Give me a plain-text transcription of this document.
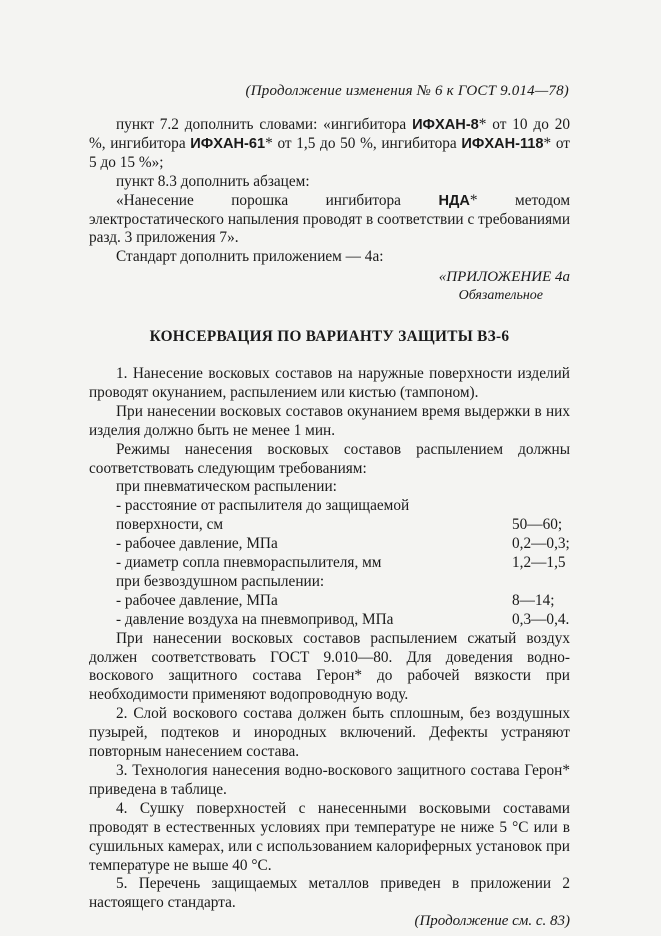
(Продолжение изменения № 6 к ГОСТ 9.014—78)

пункт 7.2 дополнить словами: «ингибитора ИФХАН-8* от 10 до 20 %, ингибитора ИФХАН-61* от 1,5 до 50 %, ингибитора ИФХАН-118* от 5 до 15 %»;

пункт 8.3 дополнить абзацем:

«Нанесение порошка ингибитора НДА* методом электростатического напыления проводят в соответствии с требованиями разд. 3 приложения 7».

Стандарт дополнить приложением — 4а:

«ПРИЛОЖЕНИЕ 4а
Обязательное
КОНСЕРВАЦИЯ ПО ВАРИАНТУ ЗАЩИТЫ ВЗ-6

1. Нанесение восковых составов на наружные поверхности изделий проводят окунанием, распылением или кистью (тампоном).

При нанесении восковых составов окунанием время выдержки в них изделия должно быть не менее 1 мин.

Режимы нанесения восковых составов распылением должны соответствовать следующим требованиям:

при пневматическом распылении:

- расстояние от распылителя до защищаемой

поверхности, см	50—60;
- рабочее давление, МПа	0,2—0,3;
- диаметр сопла пневмораспылителя, мм	1,2—1,5

при безвоздушном распылении:

- рабочее давление, МПа	8—14;
- давление воздуха на пневмопривод, МПа	0,3—0,4.

При нанесении восковых составов распылением сжатый воздух должен соответствовать ГОСТ 9.010—80. Для доведения водно-воскового защитного состава Герон* до рабочей вязкости при необходимости применяют водопроводную воду.

2. Слой воскового состава должен быть сплошным, без воздушных пузырей, подтеков и инородных включений. Дефекты устраняют повторным нанесением состава.

3. Технология нанесения водно-воскового защитного состава Герон* приведена в таблице.

4. Сушку поверхностей с нанесенными восковыми составами проводят в естественных условиях при температуре не ниже 5 °С или в сушильных камерах, или с использованием калориферных установок при температуре не выше 40 °С.

5. Перечень защищаемых металлов приведен в приложении 2 настоящего стандарта.

(Продолжение см. с. 83)
